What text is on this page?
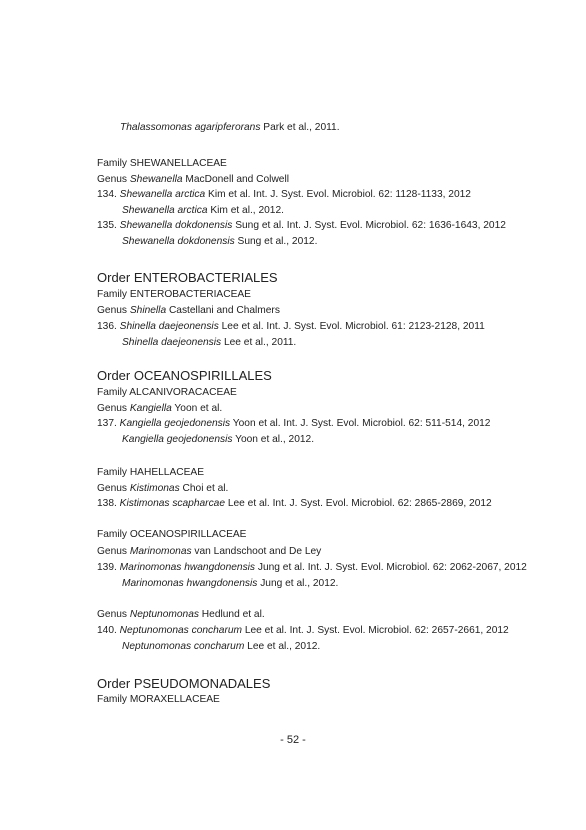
Thalassomonas agaripferorans Park et al., 2011.
Family SHEWANELLACEAE
Genus Shewanella MacDonell and Colwell
134. Shewanella arctica Kim et al. Int. J. Syst. Evol. Microbiol. 62: 1128-1133, 2012
Shewanella arctica Kim et al., 2012.
135. Shewanella dokdonensis Sung et al. Int. J. Syst. Evol. Microbiol. 62: 1636-1643, 2012
Shewanella dokdonensis Sung et al., 2012.
Order ENTEROBACTERIALES
Family ENTEROBACTERIACEAE
Genus Shinella Castellani and Chalmers
136. Shinella daejeonensis Lee et al. Int. J. Syst. Evol. Microbiol. 61: 2123-2128, 2011
Shinella daejeonensis Lee et al., 2011.
Order OCEANOSPIRILLALES
Family ALCANIVORACACEAE
Genus Kangiella Yoon et al.
137. Kangiella geojedonensis Yoon et al. Int. J. Syst. Evol. Microbiol. 62: 511-514, 2012
Kangiella geojedonensis Yoon et al., 2012.
Family HAHELLACEAE
Genus Kistimonas Choi et al.
138. Kistimonas scapharcae Lee et al. Int. J. Syst. Evol. Microbiol. 62: 2865-2869, 2012
Family OCEANOSPIRILLACEAE
Genus Marinomonas van Landschoot and De Ley
139. Marinomonas hwangdonensis Jung et al. Int. J. Syst. Evol. Microbiol. 62: 2062-2067, 2012
Marinomonas hwangdonensis Jung et al., 2012.
Genus Neptunomonas Hedlund et al.
140. Neptunomonas concharum Lee et al. Int. J. Syst. Evol. Microbiol. 62: 2657-2661, 2012
Neptunomonas concharum Lee et al., 2012.
Order PSEUDOMONADALES
Family MORAXELLACEAE
- 52 -
